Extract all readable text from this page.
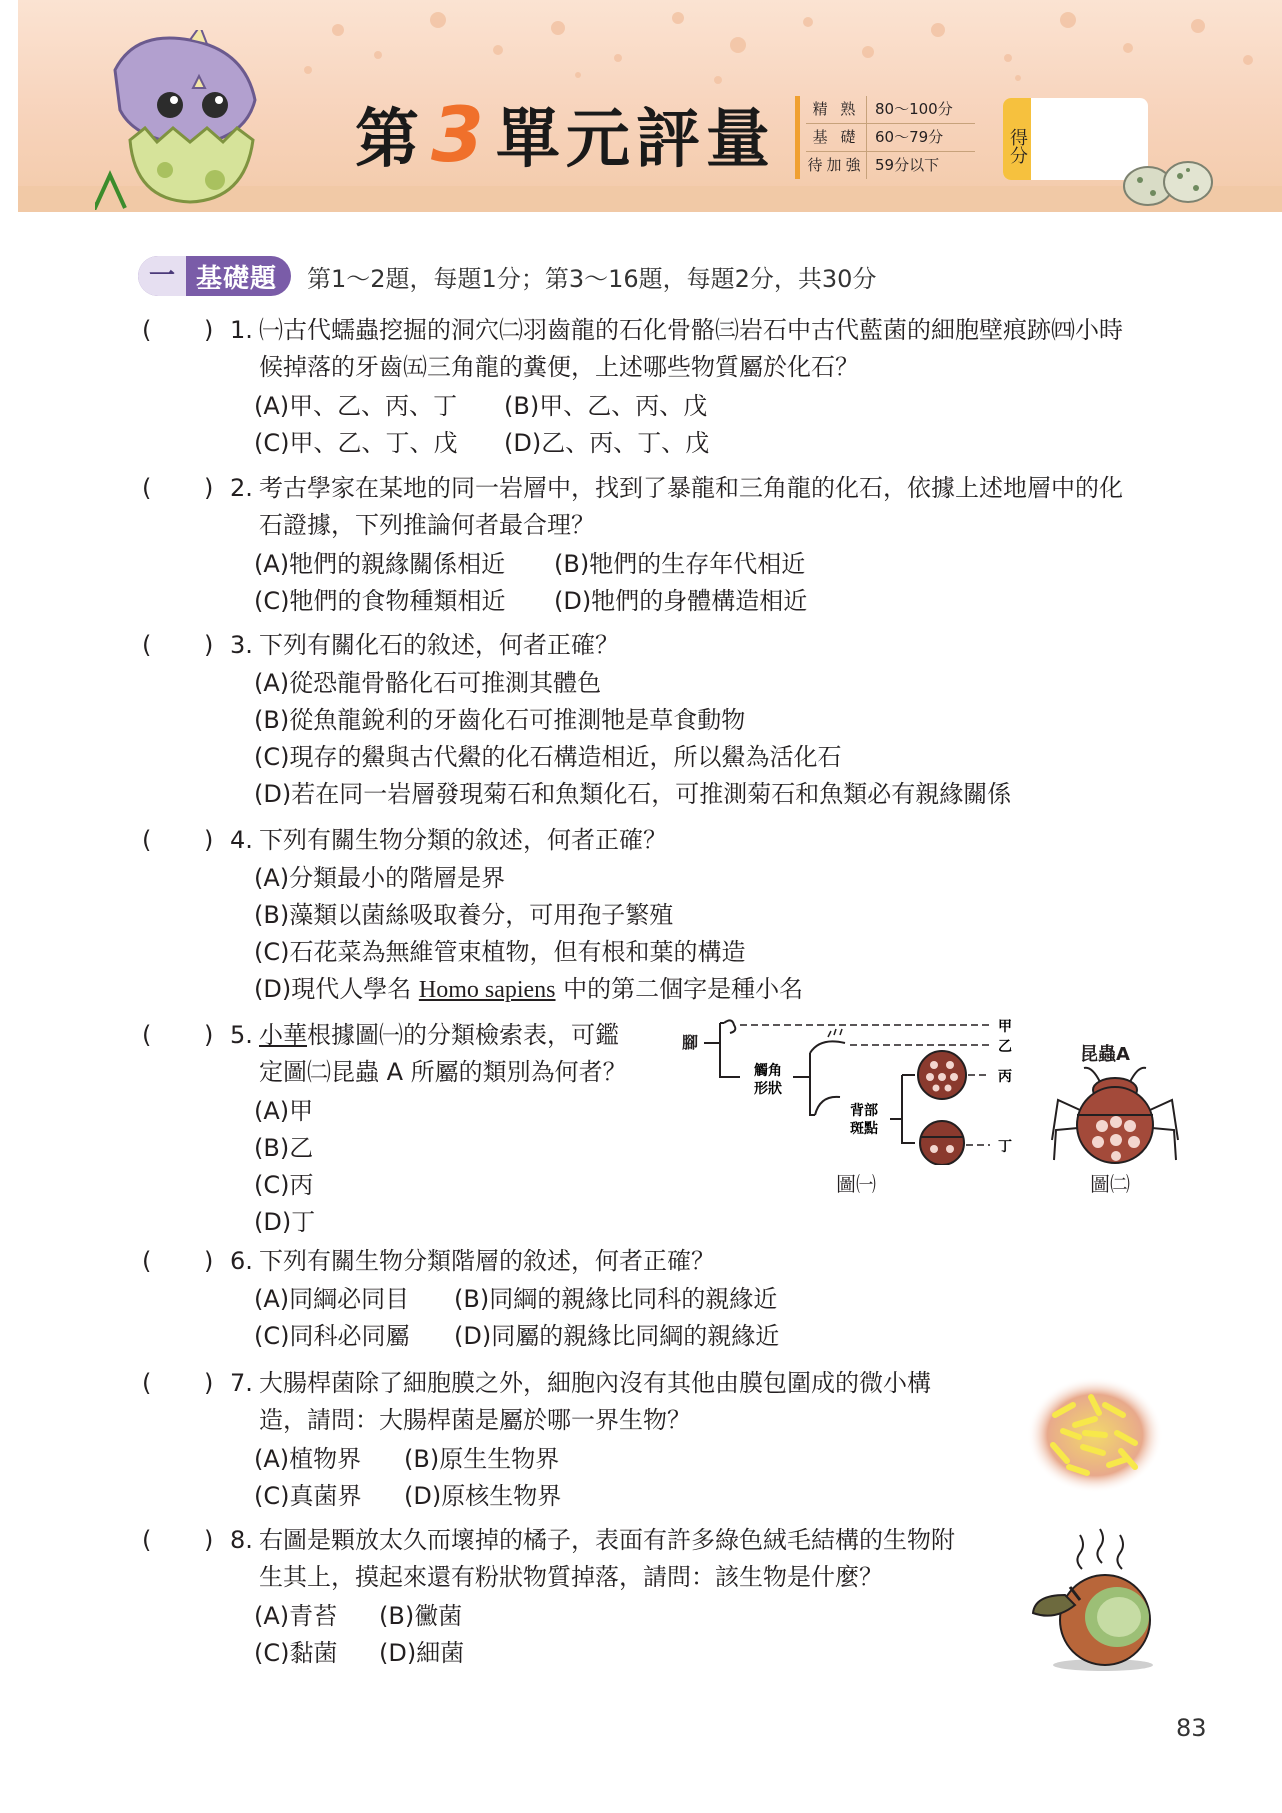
第3單元評量	精 熟	80～100分
基 礎	60～79分
待加強 59分以下
得分
一 基礎題 第1～2題，每題1分；第3～16題，每題2分，共30分
( ) 1. ㈠古代蠕蟲挖掘的洞穴㈡羽齒龍的石化骨骼㈢岩石中古代藍菌的細胞壁痕跡㈣小時
候掉落的牙齒㈤三角龍的糞便，上述哪些物質屬於化石？
(A)甲、乙、丙、丁 (B)甲、乙、丙、戊
(C)甲、乙、丁、戊 (D)乙、丙、丁、戊
( ) 2. 考古學家在某地的同一岩層中，找到了暴龍和三角龍的化石，依據上述地層中的化
石證據，下列推論何者最合理？
(A)牠們的親緣關係相近 (B)牠們的生存年代相近
(C)牠們的食物種類相近 (D)牠們的身體構造相近
( ) 3. 下列有關化石的敘述，何者正確？
(A)從恐龍骨骼化石可推測其體色
(B)從魚龍銳利的牙齒化石可推測牠是草食動物
(C)現存的鱟與古代鱟的化石構造相近，所以鱟為活化石
(D)若在同一岩層發現菊石和魚類化石，可推測菊石和魚類必有親緣關係
( ) 4. 下列有關生物分類的敘述，何者正確？
(A)分類最小的階層是界
(B)藻類以菌絲吸取養分，可用孢子繁殖
(C)石花菜為無維管束植物，但有根和葉的構造
(D)現代人學名 Homo sapiens 中的第二個字是種小名
( ) 5. 小華根據圖㈠的分類檢索表，可鑑
定圖㈡昆蟲 A 所屬的類別為何者？
(A)甲
(B)乙
(C)丙
(D)丁
腳
甲
觸角
形狀
乙
背部
斑點
丙
丁
圖㈠
昆蟲A
圖㈡
( ) 6. 下列有關生物分類階層的敘述，何者正確？
(A)同綱必同目 (B)同綱的親緣比同科的親緣近
(C)同科必同屬 (D)同屬的親緣比同綱的親緣近
( ) 7. 大腸桿菌除了細胞膜之外，細胞內沒有其他由膜包圍成的微小構
造，請問：大腸桿菌是屬於哪一界生物？
(A)植物界 (B)原生生物界
(C)真菌界 (D)原核生物界
( ) 8. 右圖是顆放太久而壞掉的橘子，表面有許多綠色絨毛結構的生物附
生其上，摸起來還有粉狀物質掉落，請問：該生物是什麼？
(A)青苔 (B)黴菌
(C)黏菌 (D)細菌
83
